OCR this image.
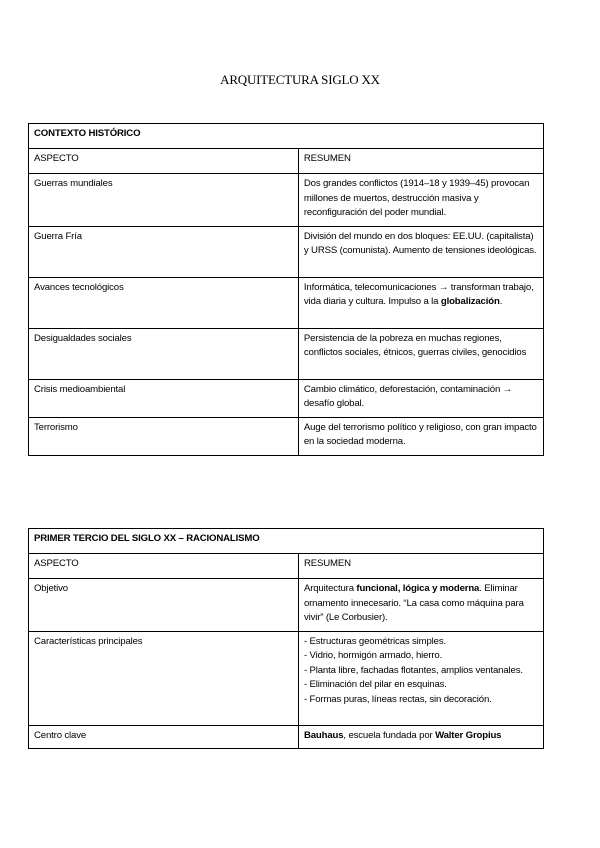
ARQUITECTURA SIGLO XX
CONTEXTO HISTÓRICO	
ASPECTO	RESUMEN
Guerras mundiales	Dos grandes conflictos (1914–18 y 1939–45) provocan millones de muertos, destrucción masiva y reconfiguración del poder mundial.
Guerra Fría	División del mundo en dos bloques: EE.UU. (capitalista) y URSS (comunista). Aumento de tensiones ideológicas.
Avances tecnológicos	Informática, telecomunicaciones → transforman trabajo, vida diaria y cultura. Impulso a la globalización.
Desigualdades sociales	Persistencia de la pobreza en muchas regiones, conflictos sociales, étnicos, guerras civiles, genocidios
Crisis medioambiental	Cambio climático, deforestación, contaminación → desafío global.
Terrorismo	Auge del terrorismo político y religioso, con gran impacto en la sociedad moderna.
PRIMER TERCIO DEL SIGLO XX – RACIONALISMO	
ASPECTO	RESUMEN
Objetivo	Arquitectura funcional, lógica y moderna. Eliminar ornamento innecesario. “La casa como máquina para vivir” (Le Corbusier).
Características principales	- Estructuras geométricas simples.
- Vidrio, hormigón armado, hierro.
- Planta libre, fachadas flotantes, amplios ventanales.
- Eliminación del pilar en esquinas.
- Formas puras, líneas rectas, sin decoración.

Centro clave	Bauhaus, escuela fundada por Walter Gropius
